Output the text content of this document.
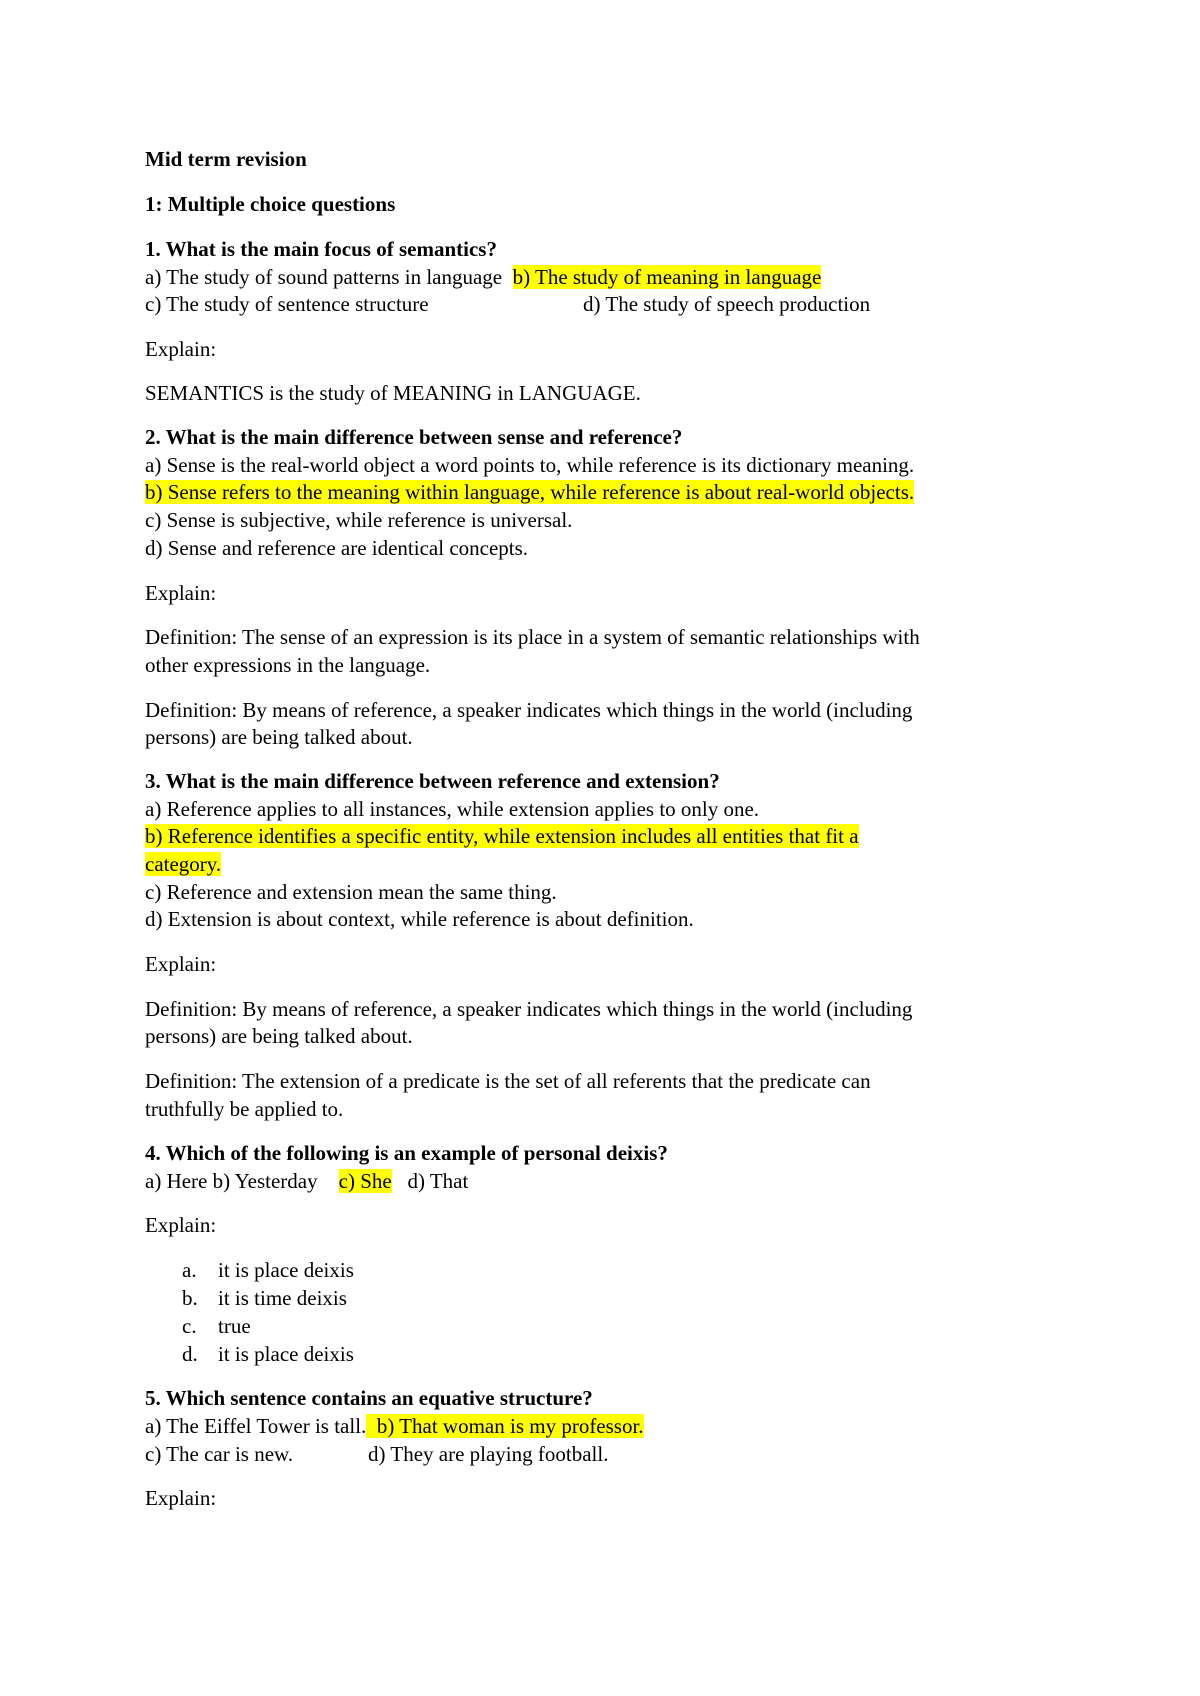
Mid term revision
1: Multiple choice questions
1. What is the main focus of semantics?
a) The study of sound patterns in language b) The study of meaning in language
c) The study of sentence structure	d) The study of speech production
Explain:
SEMANTICS is the study of MEANING in LANGUAGE.
2. What is the main difference between sense and reference?
a) Sense is the real-world object a word points to, while reference is its dictionary meaning.
b) Sense refers to the meaning within language, while reference is about real-world objects.
c) Sense is subjective, while reference is universal.
d) Sense and reference are identical concepts.
Explain:
Definition: The sense of an expression is its place in a system of semantic relationships with
other expressions in the language.
Definition: By means of reference, a speaker indicates which things in the world (including
persons) are being talked about.
3. What is the main difference between reference and extension?
a) Reference applies to all instances, while extension applies to only one.
b) Reference identifies a specific entity, while extension includes all entities that fit a
category.
c) Reference and extension mean the same thing.
d) Extension is about context, while reference is about definition.
Explain:
Definition: By means of reference, a speaker indicates which things in the world (including
persons) are being talked about.
Definition: The extension of a predicate is the set of all referents that the predicate can
truthfully be applied to.
4. Which of the following is an example of personal deixis?
a) Here b) Yesterday c) She d) That
Explain:
a. it is place deixis
b. it is time deixis
c. true
d. it is place deixis
5. Which sentence contains an equative structure?
a) The Eiffel Tower is tall. b) That woman is my professor.
c) The car is new.	d) They are playing football.
Explain:
